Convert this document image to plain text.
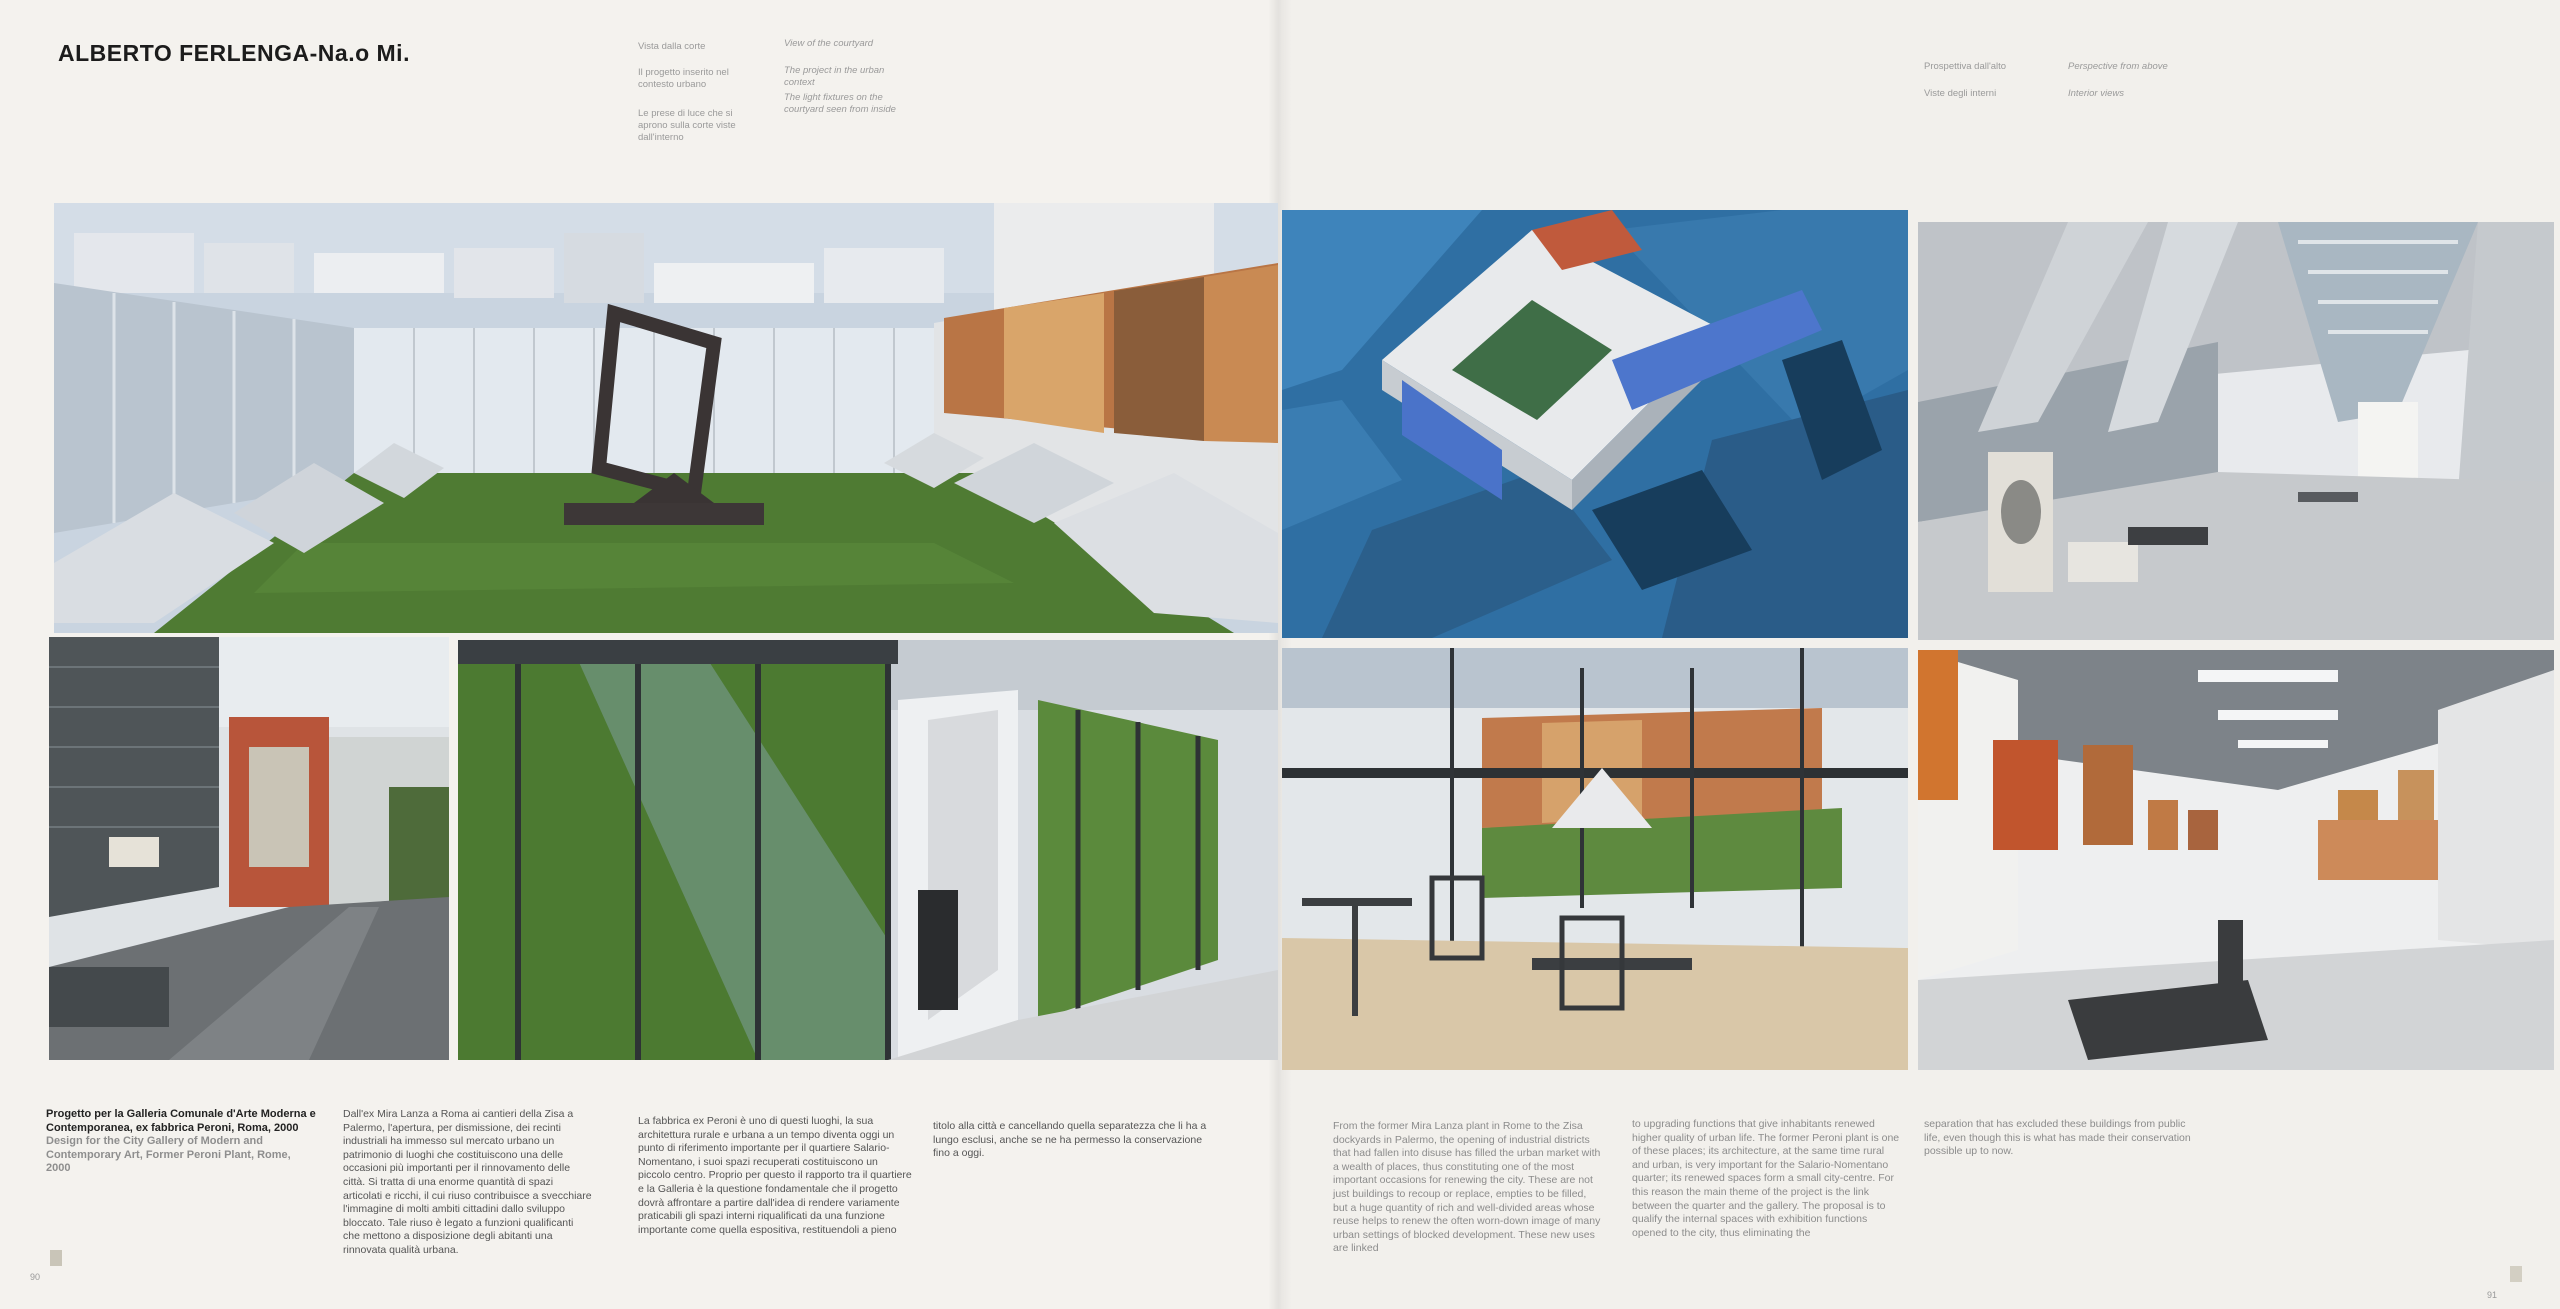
ALBERTO FERLENGA-Na.o Mi.	Vista dalla corte
Il progetto inserito nel contesto urbano
Le prese di luce che si aprono sulla corte viste dall'interno
View of the courtyard
The project in the urban context
The light fixtures on the courtyard seen from inside
Prospettiva dall'alto
Viste degli interni
Perspective from above
Interior views
Progetto per la Galleria Comunale d'Arte Moderna e Contemporanea, ex fabbrica Peroni, Roma, 2000
Design for the City Gallery of Modern and Contemporary Art, Former Peroni Plant, Rome, 2000
Dall'ex Mira Lanza a Roma ai cantieri della Zisa a Palermo, l'apertura, per dismissione, dei recinti industriali ha immesso sul mercato urbano un patrimonio di luoghi che costituiscono una delle occasioni più importanti per il rinnovamento delle città. Si tratta di una enorme quantità di spazi articolati e ricchi, il cui riuso contribuisce a svecchiare l'immagine di molti ambiti cittadini dallo sviluppo bloccato. Tale riuso è legato a funzioni qualificanti che mettono a disposizione degli abitanti una rinnovata qualità urbana.
La fabbrica ex Peroni è uno di questi luoghi, la sua architettura rurale e urbana a un tempo diventa oggi un punto di riferimento importante per il quartiere Salario-Nomentano, i suoi spazi recuperati costituiscono un piccolo centro. Proprio per questo il rapporto tra il quartiere e la Galleria è la questione fondamentale che il progetto dovrà affrontare a partire dall'idea di rendere variamente praticabili gli spazi interni riqualificati da una funzione importante come quella espositiva, restituendoli a pieno
titolo alla città e cancellando quella separatezza che li ha a lungo esclusi, anche se ne ha permesso la conservazione fino a oggi.
From the former Mira Lanza plant in Rome to the Zisa dockyards in Palermo, the opening of industrial districts that had fallen into disuse has filled the urban market with a wealth of places, thus constituting one of the most important occasions for renewing the city. These are not just buildings to recoup or replace, empties to be filled, but a huge quantity of rich and well-divided areas whose reuse helps to renew the often worn-down image of many urban settings of blocked development. These new uses are linked
to upgrading functions that give inhabitants renewed higher quality of urban life. The former Peroni plant is one of these places; its architecture, at the same time rural and urban, is very important for the Salario-Nomentano quarter; its renewed spaces form a small city-centre. For this reason the main theme of the project is the link between the quarter and the gallery. The proposal is to qualify the internal spaces with exhibition functions opened to the city, thus eliminating the
separation that has excluded these buildings from public life, even though this is what has made their conservation possible up to now.
90
91
